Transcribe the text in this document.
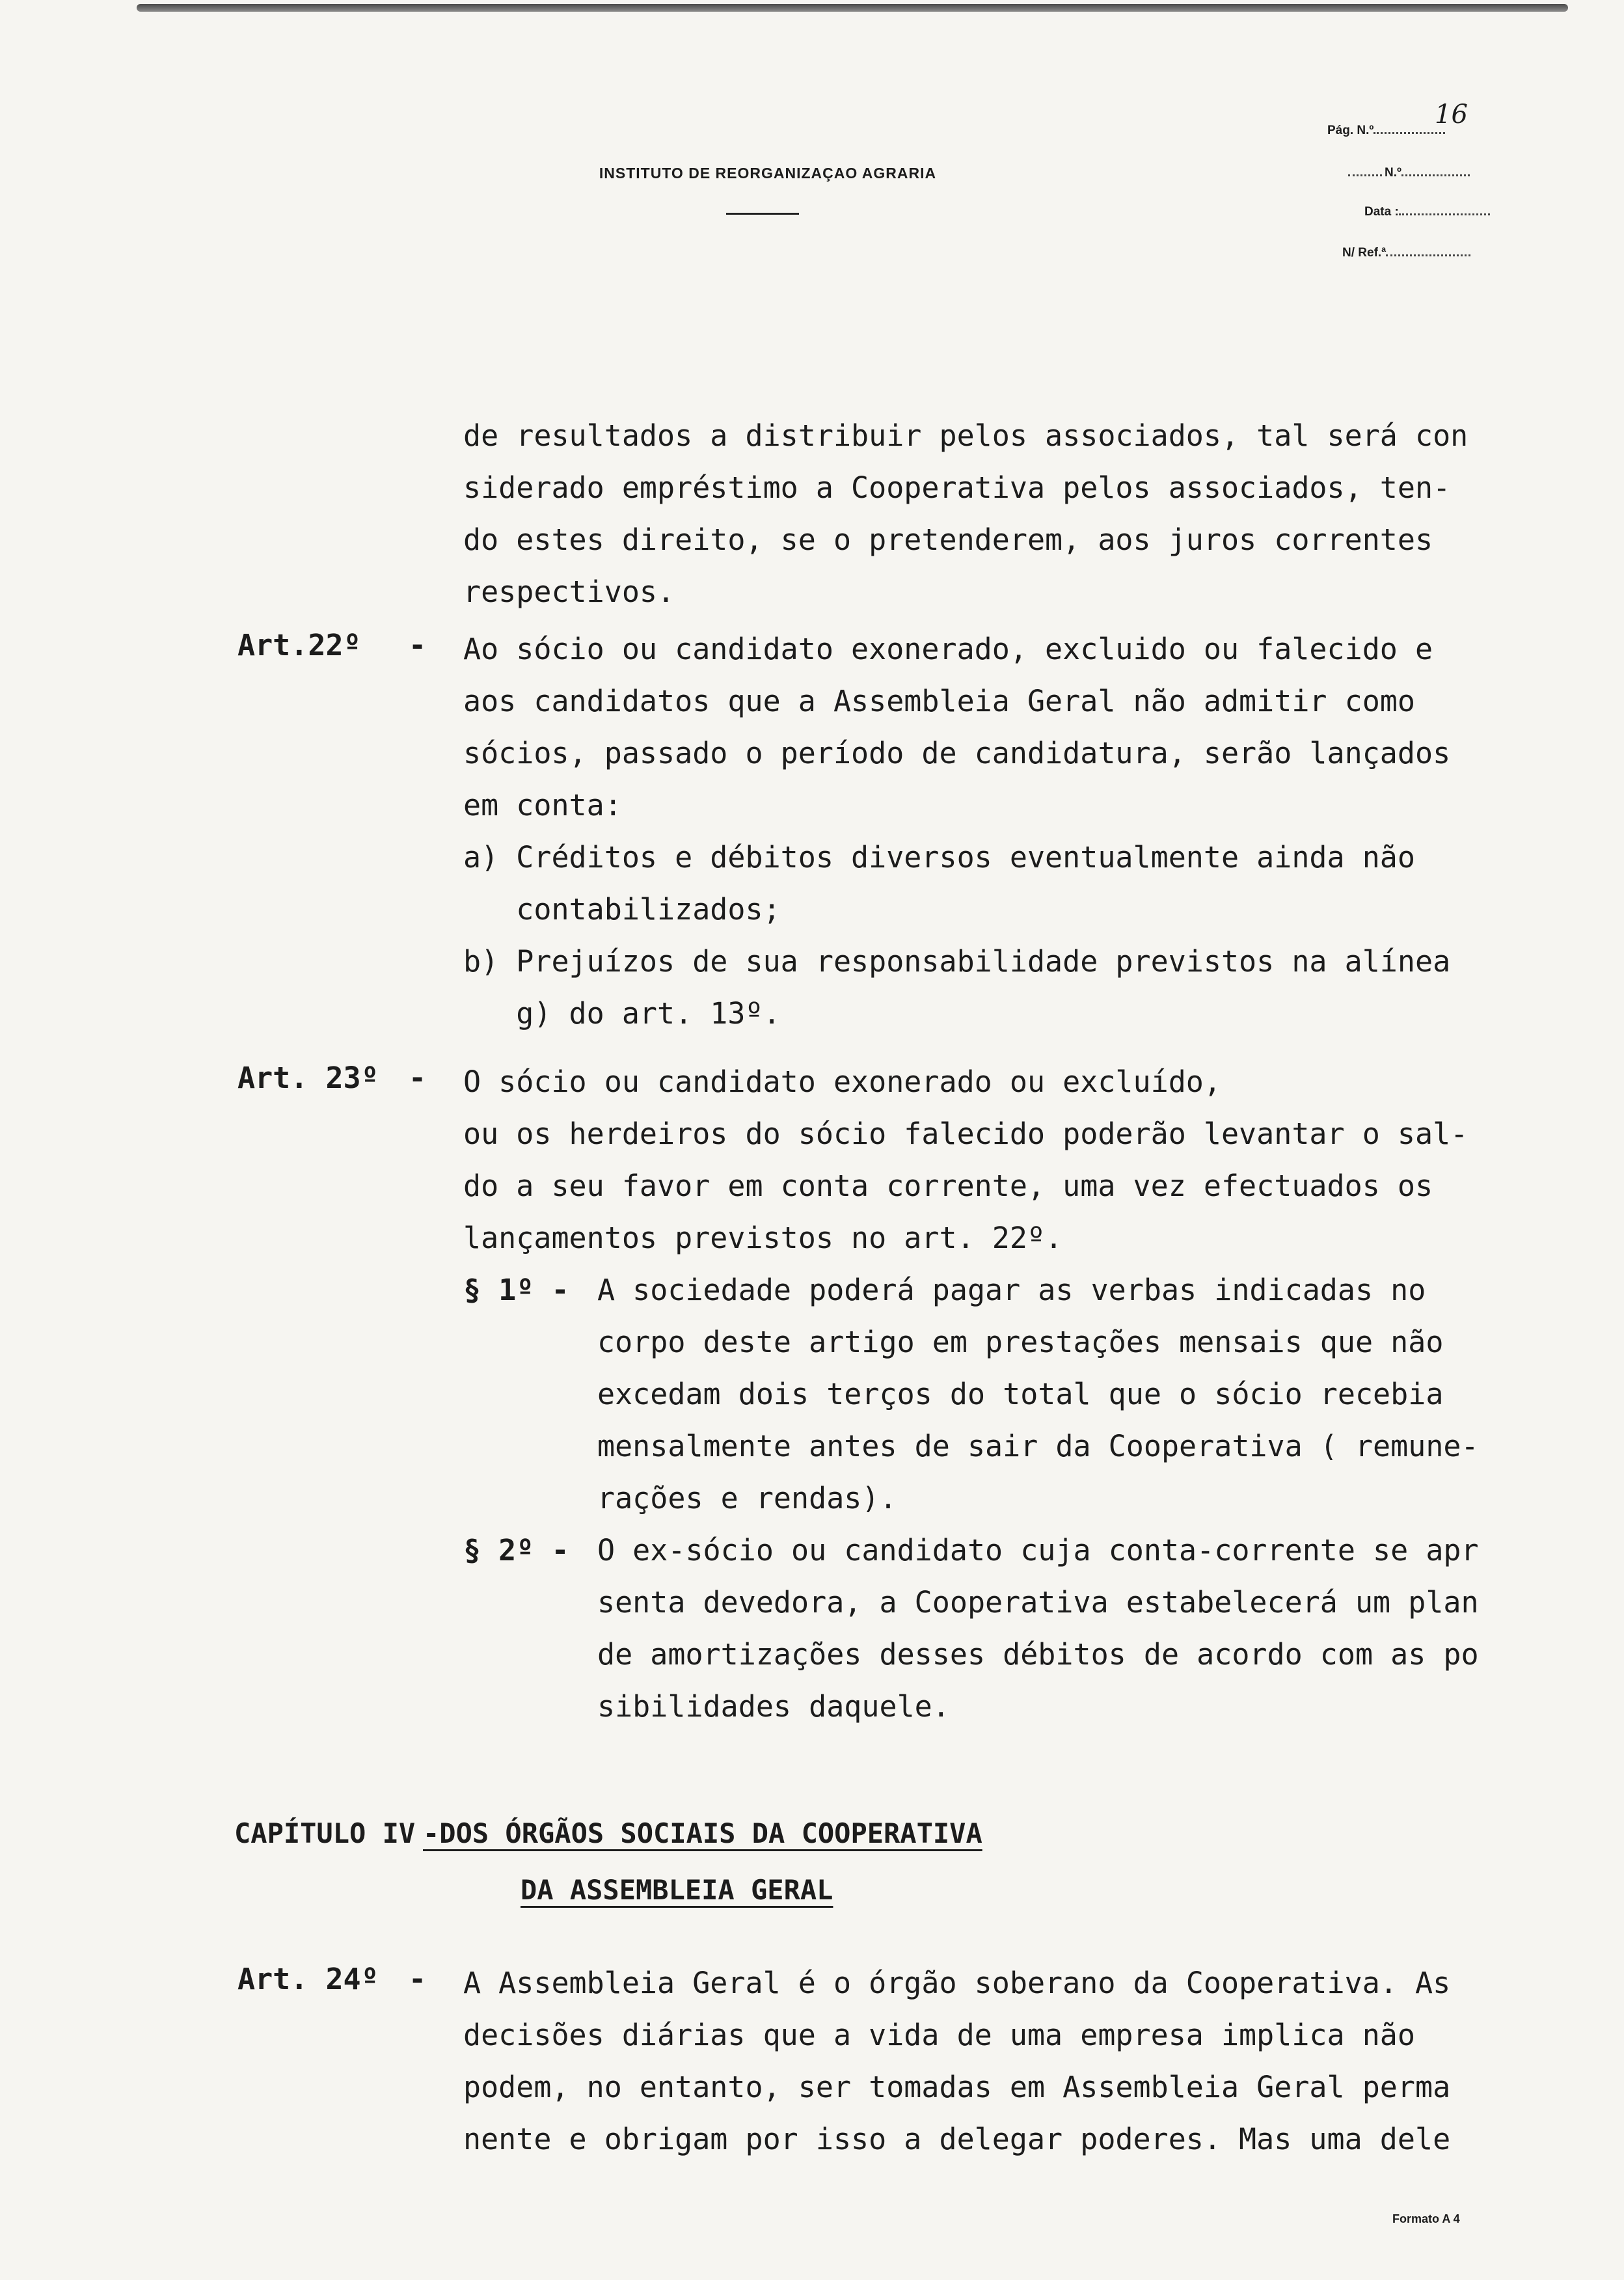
INSTITUTO DE REORGANIZAÇAO AGRARIA
Pág. N.º
16
N.º
Data :
N/ Ref.ª
de resultados a distribuir pelos associados, tal será con
siderado empréstimo a Cooperativa pelos associados, ten-
do estes direito, se o pretenderem, aos juros correntes
respectivos.
Art.22º - Ao sócio ou candidato exonerado, excluido ou falecido e
aos candidatos que a Assembleia Geral não admitir como
sócios, passado o período de candidatura, serão lançados
em conta:
a) Créditos e débitos diversos eventualmente ainda não
contabilizados;
b) Prejuízos de sua responsabilidade previstos na alínea
g) do art. 13º.
Art. 23º - O sócio ou candidato exonerado ou excluído,
ou os herdeiros do sócio falecido poderão levantar o sal-
do a seu favor em conta corrente, uma vez efectuados os
lançamentos previstos no art. 22º.
§ 1º - A sociedade poderá pagar as verbas indicadas no
corpo deste artigo em prestações mensais que não
excedam dois terços do total que o sócio recebia
mensalmente antes de sair da Cooperativa ( remune-
rações e rendas).
§ 2º - O ex-sócio ou candidato cuja conta-corrente se apr
senta devedora, a Cooperativa estabelecerá um plan
de amortizações desses débitos de acordo com as po
sibilidades daquele.
CAPÍTULO IV -DOS ÓRGÃOS SOCIAIS DA COOPERATIVA
DA ASSEMBLEIA GERAL
Art. 24º - A Assembleia Geral é o órgão soberano da Cooperativa. As
decisões diárias que a vida de uma empresa implica não
podem, no entanto, ser tomadas em Assembleia Geral perma
nente e obrigam por isso a delegar poderes. Mas uma dele
Formato A 4
